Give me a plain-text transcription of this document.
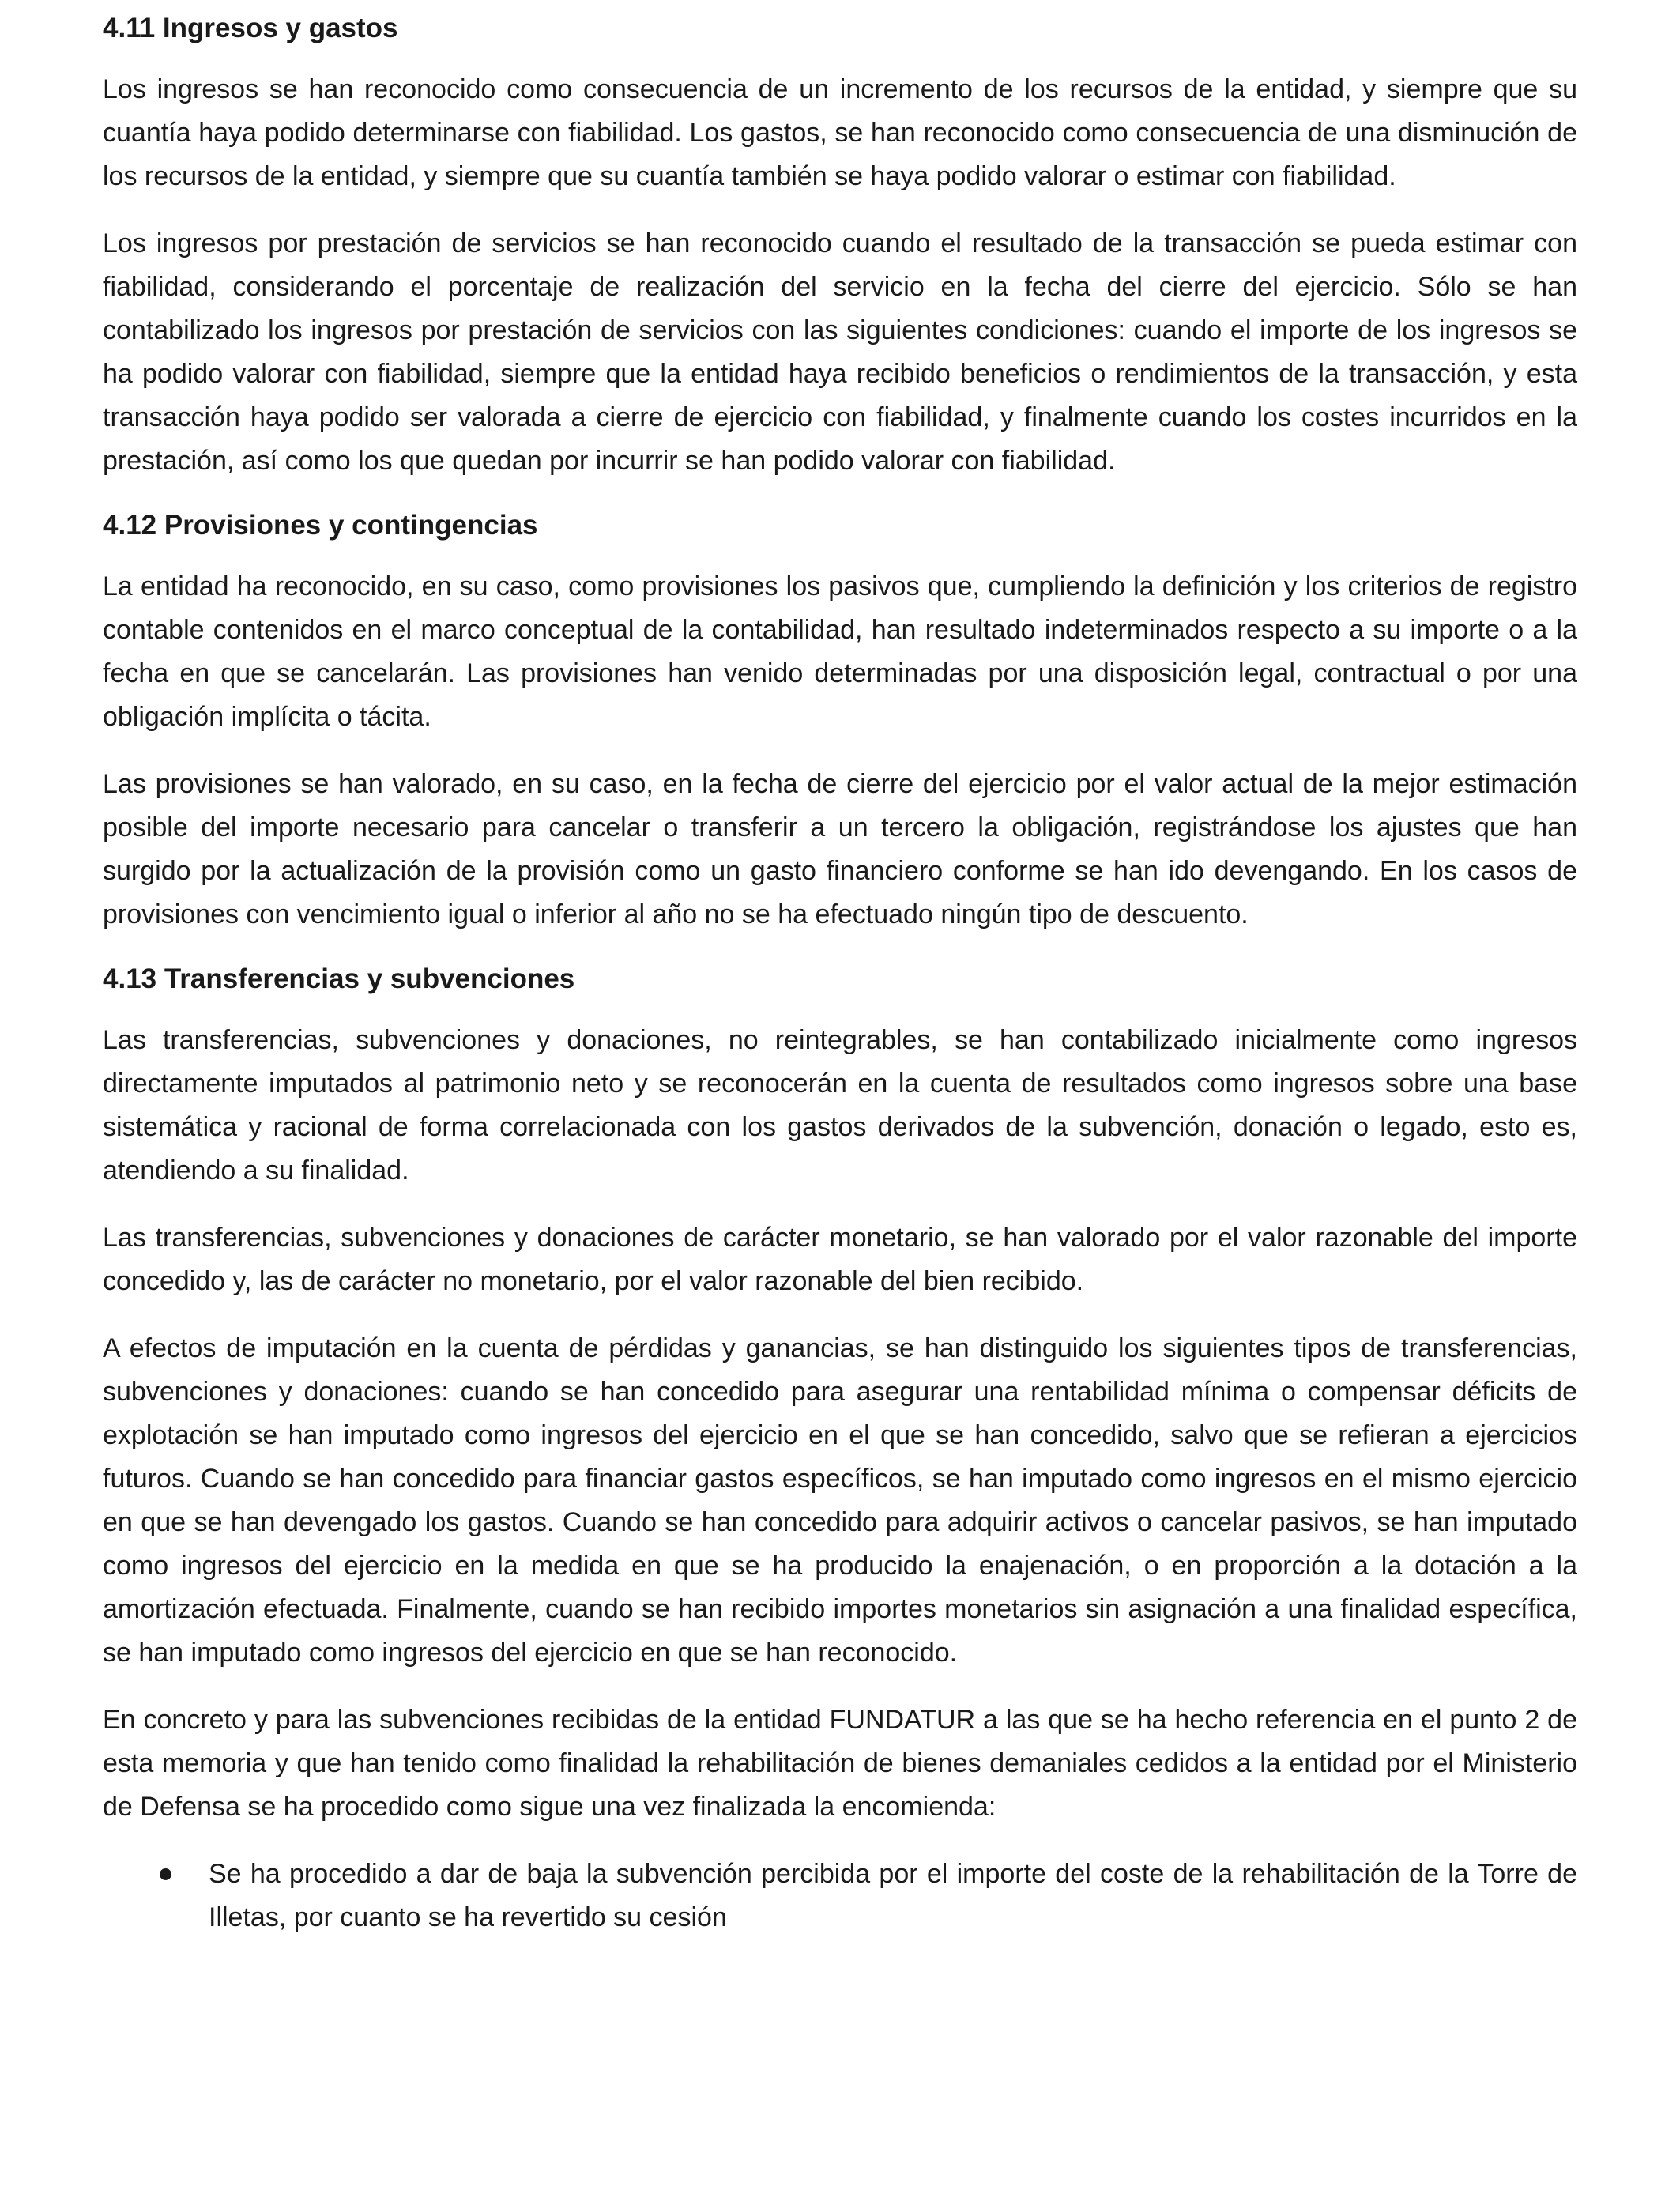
4.11 Ingresos y gastos

Los ingresos se han reconocido como consecuencia de un incremento de los recursos de la entidad, y siempre que su cuantía haya podido determinarse con fiabilidad. Los gastos, se han reconocido como consecuencia de una disminución de los recursos de la entidad, y siempre que su cuantía también se haya podido valorar o estimar con fiabilidad.

Los ingresos por prestación de servicios se han reconocido cuando el resultado de la transacción se pueda estimar con fiabilidad, considerando el porcentaje de realización del servicio en la fecha del cierre del ejercicio. Sólo se han contabilizado los ingresos por prestación de servicios con las siguientes condiciones: cuando el importe de los ingresos se ha podido valorar con fiabilidad, siempre que la entidad haya recibido beneficios o rendimientos de la transacción, y esta transacción haya podido ser valorada a cierre de ejercicio con fiabilidad, y finalmente cuando los costes incurridos en la prestación, así como los que quedan por incurrir se han podido valorar con fiabilidad.

4.12 Provisiones y contingencias

La entidad ha reconocido, en su caso, como provisiones los pasivos que, cumpliendo la definición y los criterios de registro contable contenidos en el marco conceptual de la contabilidad, han resultado indeterminados respecto a su importe o a la fecha en que se cancelarán. Las provisiones han venido determinadas por una disposición legal, contractual o por una obligación implícita o tácita.

Las provisiones se han valorado, en su caso, en la fecha de cierre del ejercicio por el valor actual de la mejor estimación posible del importe necesario para cancelar o transferir a un tercero la obligación, registrándose los ajustes que han surgido por la actualización de la provisión como un gasto financiero conforme se han ido devengando. En los casos de provisiones con vencimiento igual o inferior al año no se ha efectuado ningún tipo de descuento.

4.13 Transferencias y subvenciones

Las transferencias, subvenciones y donaciones, no reintegrables, se han contabilizado inicialmente como ingresos directamente imputados al patrimonio neto y se reconocerán en la cuenta de resultados como ingresos sobre una base sistemática y racional de forma correlacionada con los gastos derivados de la subvención, donación o legado, esto es, atendiendo a su finalidad.

Las transferencias, subvenciones y donaciones de carácter monetario, se han valorado por el valor razonable del importe concedido y, las de carácter no monetario, por el valor razonable del bien recibido.

A efectos de imputación en la cuenta de pérdidas y ganancias, se han distinguido los siguientes tipos de transferencias, subvenciones y donaciones: cuando se han concedido para asegurar una rentabilidad mínima o compensar déficits de explotación se han imputado como ingresos del ejercicio en el que se han concedido, salvo que se refieran a ejercicios futuros. Cuando se han concedido para financiar gastos específicos, se han imputado como ingresos en el mismo ejercicio en que se han devengado los gastos. Cuando se han concedido para adquirir activos o cancelar pasivos, se han imputado como ingresos del ejercicio en la medida en que se ha producido la enajenación, o en proporción a la dotación a la amortización efectuada. Finalmente, cuando se han recibido importes monetarios sin asignación a una finalidad específica, se han imputado como ingresos del ejercicio en que se han reconocido.

En concreto y para las subvenciones recibidas de la entidad FUNDATUR a las que se ha hecho referencia en el punto 2 de esta memoria y que han tenido como finalidad la rehabilitación de bienes demaniales cedidos a la entidad por el Ministerio de Defensa se ha procedido como sigue una vez finalizada la encomienda:

Se ha procedido a dar de baja la subvención percibida por el importe del coste de la rehabilitación de la Torre de Illetas, por cuanto se ha revertido su cesión
